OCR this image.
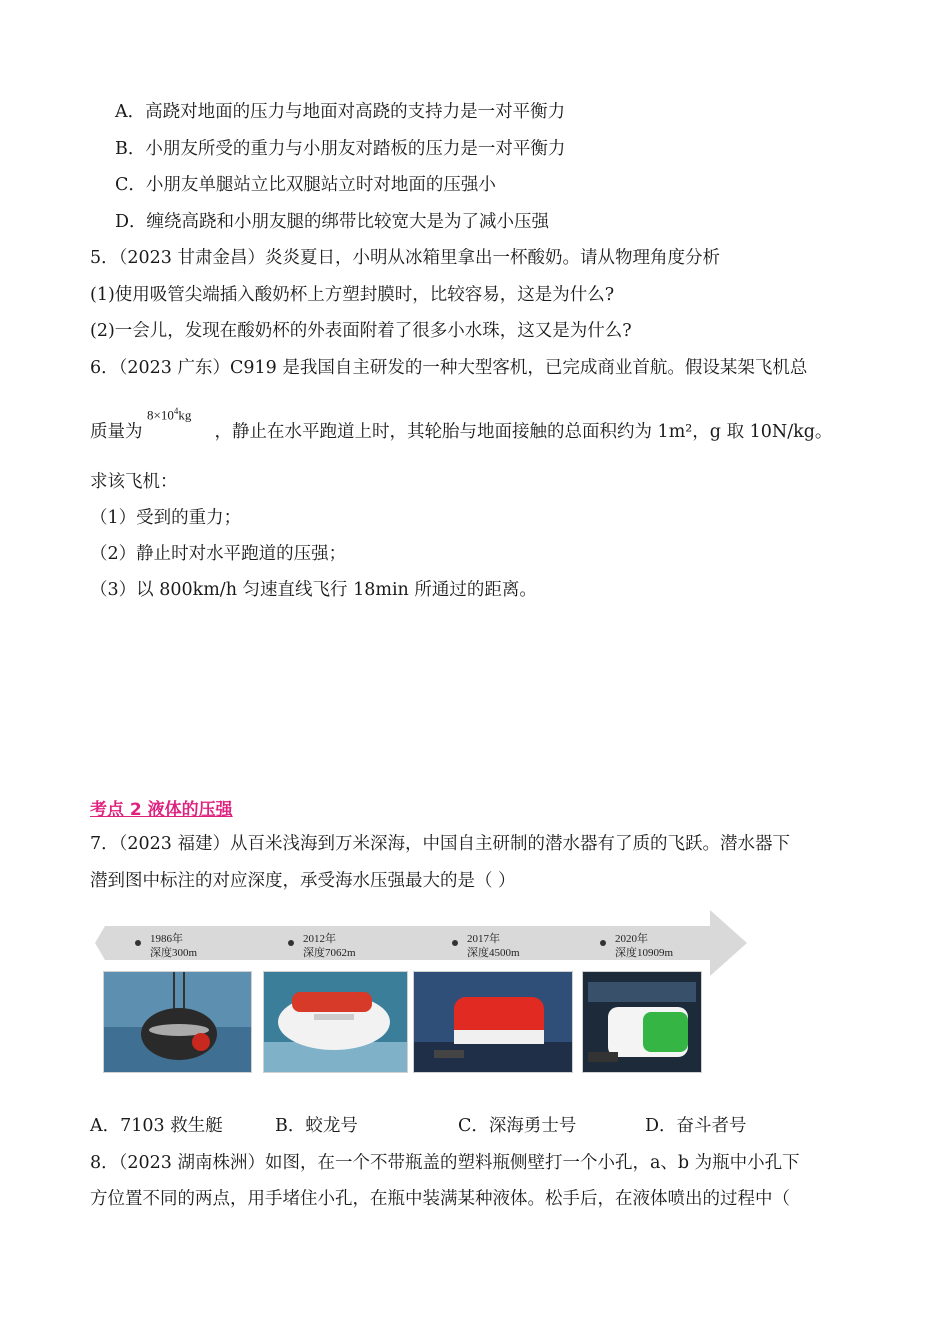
A．高跷对地面的压力与地面对高跷的支持力是一对平衡力
B．小朋友所受的重力与小朋友对踏板的压力是一对平衡力
C．小朋友单腿站立比双腿站立时对地面的压强小
D．缠绕高跷和小朋友腿的绑带比较宽大是为了减小压强
5．（2023 甘肃金昌）炎炎夏日，小明从冰箱里拿出一杯酸奶。请从物理角度分析
(1)使用吸管尖端插入酸奶杯上方塑封膜时，比较容易，这是为什么?
(2)一会儿，发现在酸奶杯的外表面附着了很多小水珠，这又是为什么?
6．（2023 广东）C919 是我国自主研发的一种大型客机，已完成商业首航。假设某架飞机总
$8\times 10^4kg$
质量为	，静止在水平跑道上时，其轮胎与地面接触的总面积约为 1m²，g 取 10N/kg。
求该飞机：
（1）受到的重力；
（2）静止时对水平跑道的压强；
（3）以 800km/h 匀速直线飞行 18min 所通过的距离。
考点 2 液体的压强
7．（2023 福建）从百米浅海到万米深海，中国自主研制的潜水器有了质的飞跃。潜水器下
潜到图中标注的对应深度，承受海水压强最大的是（ ）
1986年
深度300m
2012年
深度7062m
2017年
深度4500m
2020年
深度10909m
A．7103 救生艇	B．蛟龙号	C．深海勇士号	D．奋斗者号
8．（2023 湖南株洲）如图，在一个不带瓶盖的塑料瓶侧壁打一个小孔，a、b 为瓶中小孔下
方位置不同的两点，用手堵住小孔，在瓶中装满某种液体。松手后，在液体喷出的过程中（
